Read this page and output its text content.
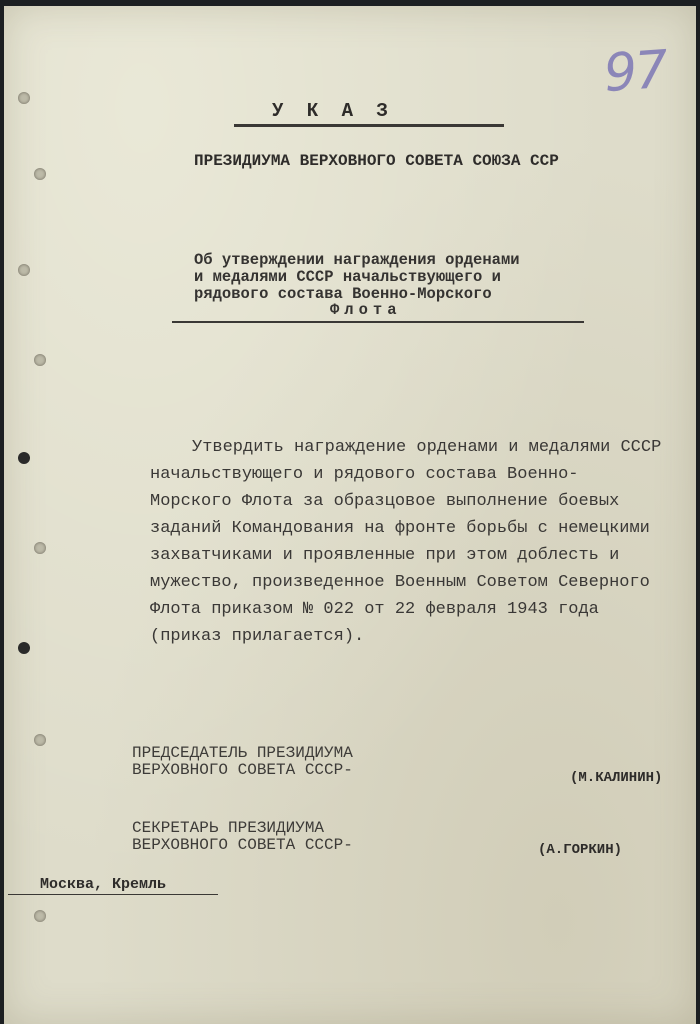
97
У К А З
ПРЕЗИДИУМА ВЕРХОВНОГО СОВЕТА СОЮЗА ССР
Об утверждении награждения орденами
и медалями СССР начальствующего и
рядового состава Военно-Морского
Флота
Утвердить награждение орденами и медалями СССР
начальствующего и рядового состава Военно-
Морского Флота за образцовое выполнение боевых
заданий Командования на фронте борьбы с немецкими
захватчиками и проявленные при этом доблесть и
мужество, произведенное Военным Советом Северного
Флота приказом № 022 от 22 февраля 1943 года
(приказ прилагается).
ПРЕДСЕДАТЕЛЬ ПРЕЗИДИУМА
ВЕРХОВНОГО СОВЕТА СССР-	(М.КАЛИНИН)
СЕКРЕТАРЬ ПРЕЗИДИУМА
ВЕРХОВНОГО СОВЕТА СССР-	(А.ГОРКИН)
Москва, Кремль
